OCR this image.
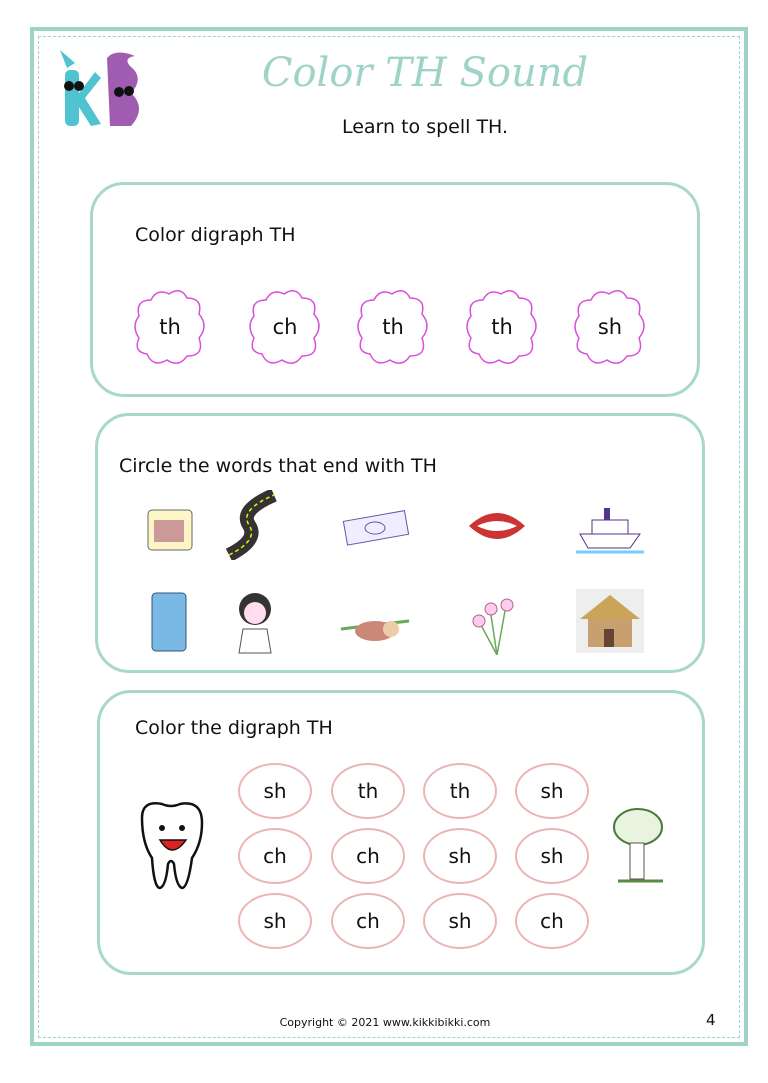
Color TH Sound
Learn to spell TH.
Color digraph TH
th	ch	th	th	sh
Circle the words that end with TH
Color the digraph TH
sh	th	th	sh
ch	ch	sh	sh
sh	ch	sh	ch
Copyright © 2021 www.kikkibikki.com	4
